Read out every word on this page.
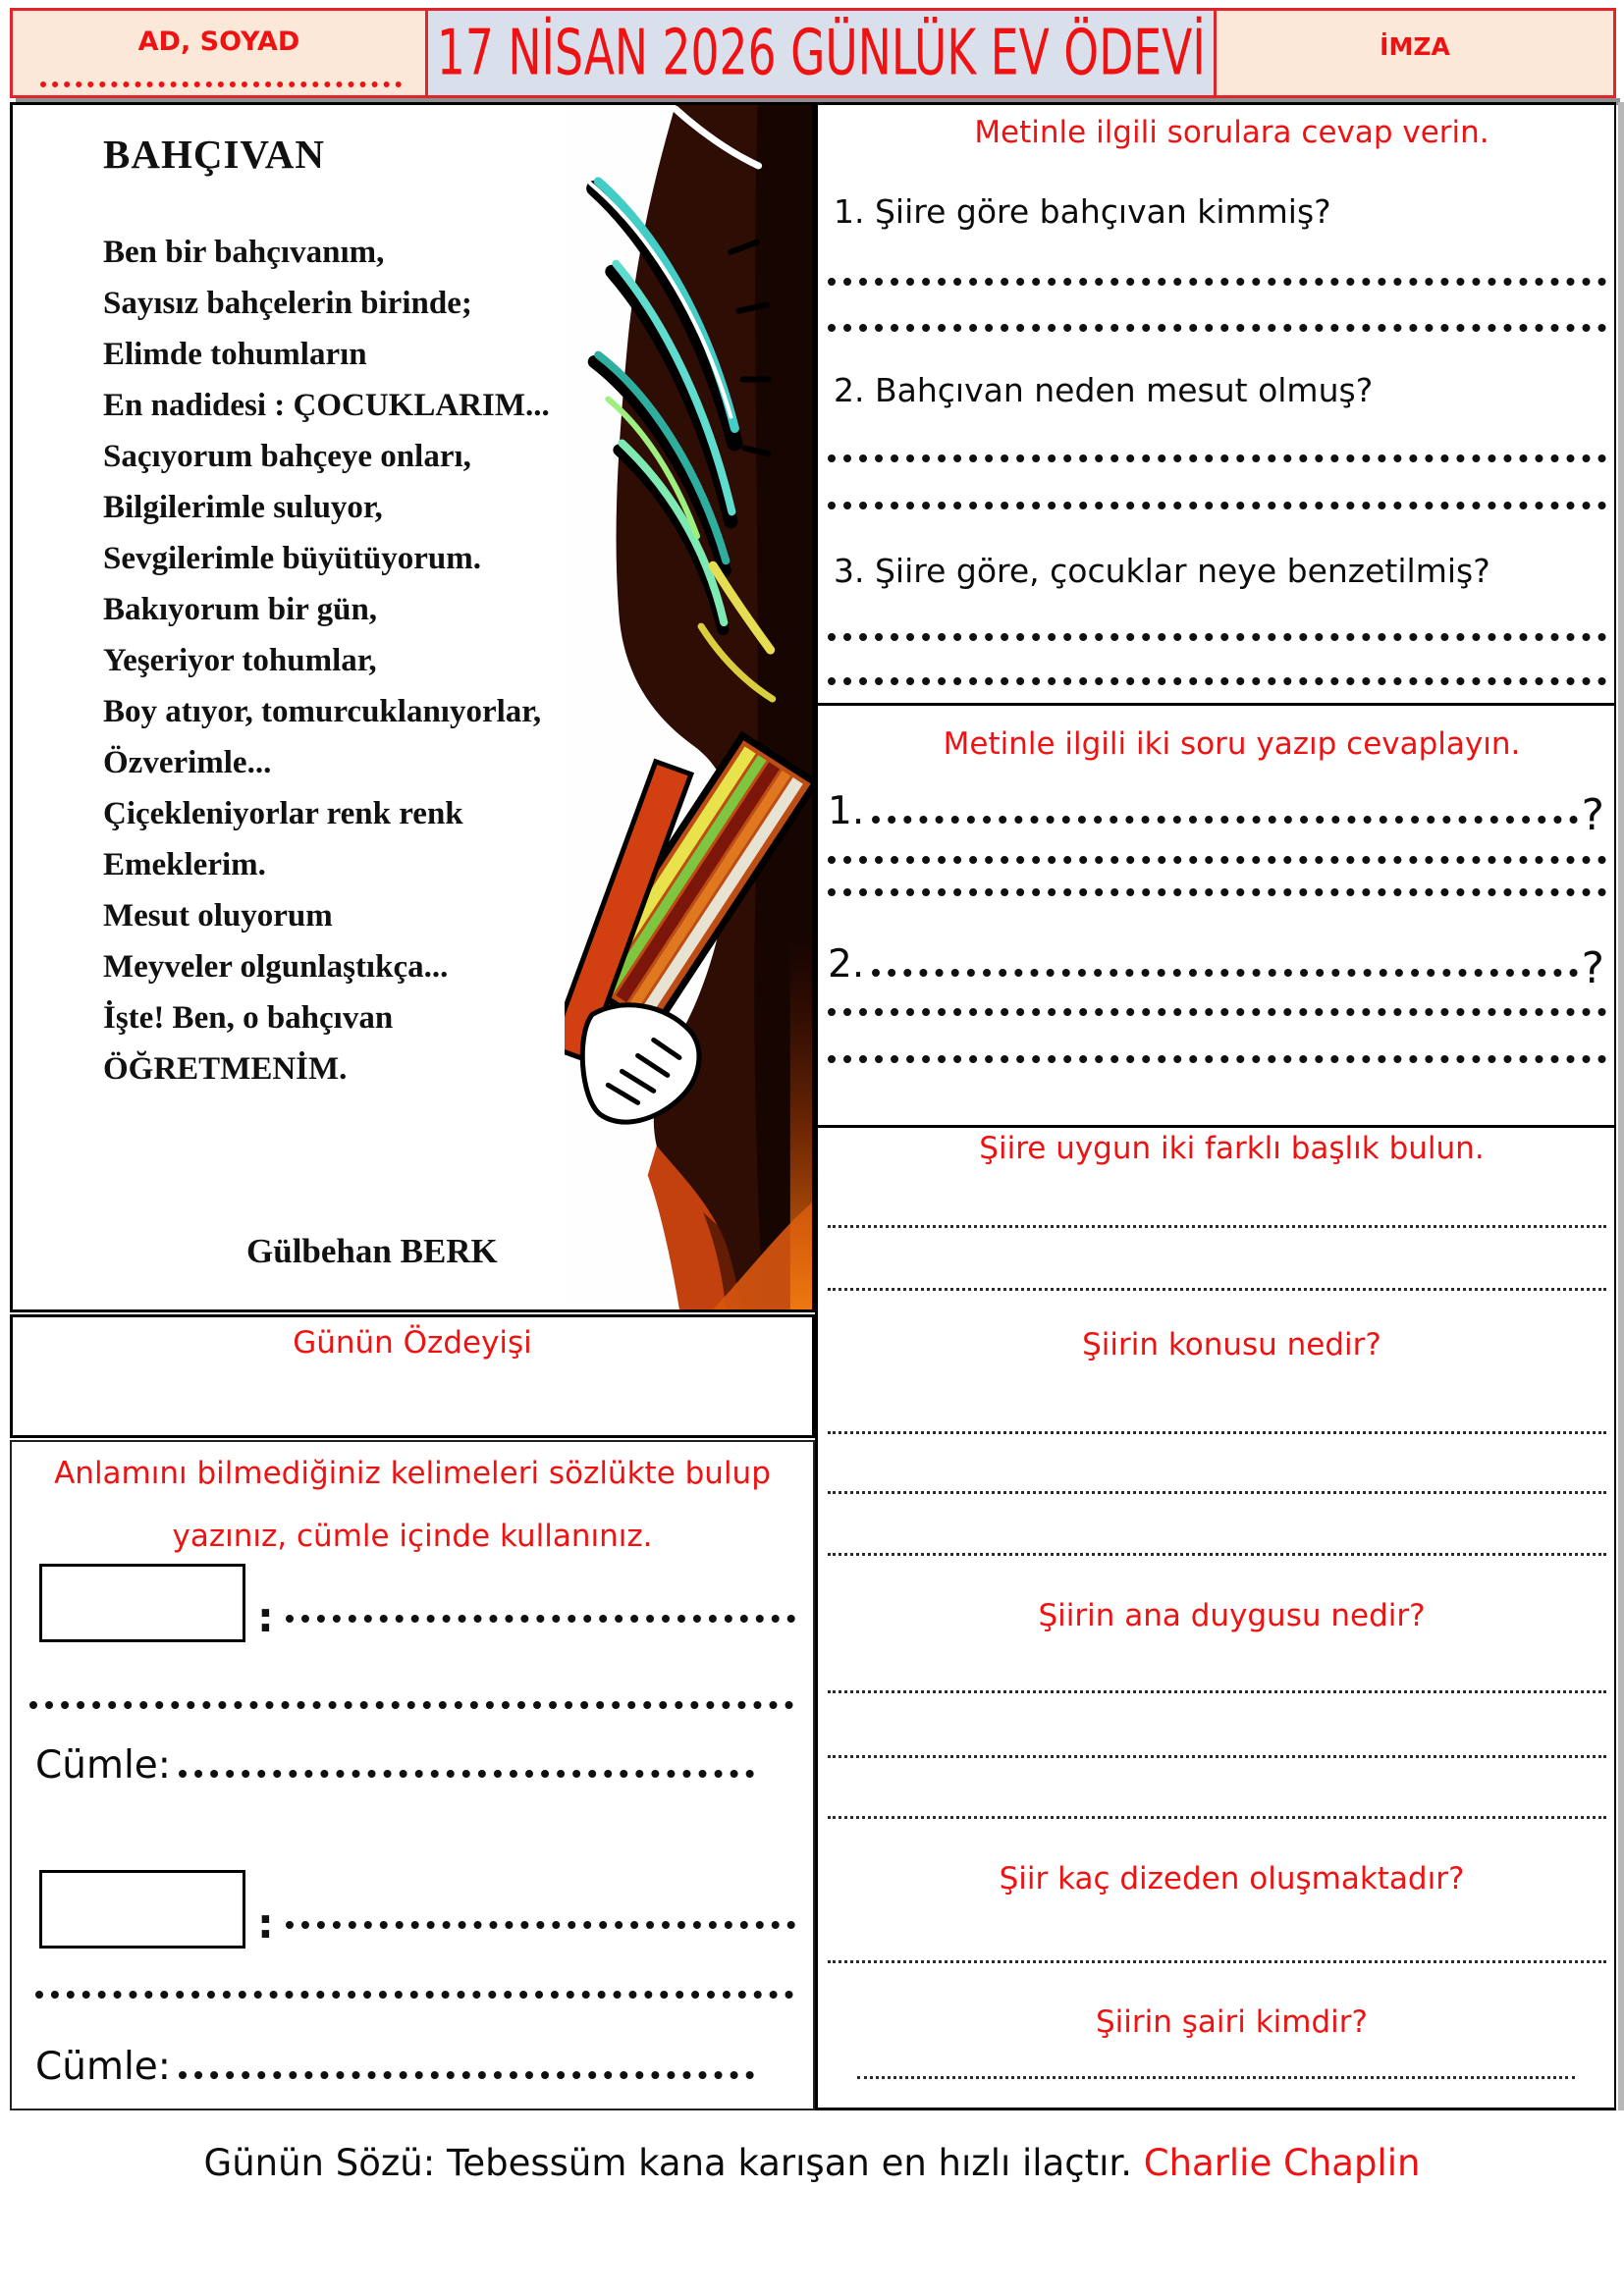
AD, SOYAD	17 NİSAN 2026 GÜNLÜK EV ÖDEVİ	İMZA
BAHÇIVAN
Ben bir bahçıvanım,
Sayısız bahçelerin birinde;
Elimde tohumların
En nadidesi : ÇOCUKLARIM...
Saçıyorum bahçeye onları,
Bilgilerimle suluyor,
Sevgilerimle büyütüyorum.
Bakıyorum bir gün,
Yeşeriyor tohumlar,
Boy atıyor, tomurcuklanıyorlar,
Özverimle...
Çiçekleniyorlar renk renk
Emeklerim.
Mesut oluyorum
Meyveler olgunlaştıkça...
İşte! Ben, o bahçıvan
ÖĞRETMENİM.
Gülbehan BERK
Günün Özdeyişi
Anlamını bilmediğiniz kelimeleri sözlükte bulup
yazınız, cümle içinde kullanınız.
:
Cümle:
:
Cümle:
Metinle ilgili sorulara cevap verin.
1. Şiire göre bahçıvan kimmiş?
2. Bahçıvan neden mesut olmuş?
3. Şiire göre, çocuklar neye benzetilmiş?
Metinle ilgili iki soru yazıp cevaplayın.
1.	?
2.	?
Şiire uygun iki farklı başlık bulun.
Şiirin konusu nedir?
Şiirin ana duygusu nedir?
Şiir kaç dizeden oluşmaktadır?
Şiirin şairi kimdir?
Günün Sözü: Tebessüm kana karışan en hızlı ilaçtır. Charlie Chaplin
